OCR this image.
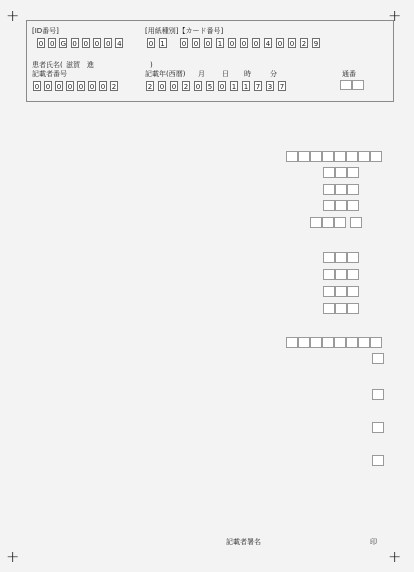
+	+
+	+
[ID番号]
0 0 G 0 0 0 0 4
[用紙種別]【カード番号]
0 1 0 0 0 1 0 0 0 4 0 0 2 9
患者氏名( 滋賀　進	)
記載者番号
0 0 0 0 0 0 0 2
記載年(西暦) 月 日 時	分
2 0 0 2 0 5 0 1 1 7 3 7
通番
記載者署名	印
